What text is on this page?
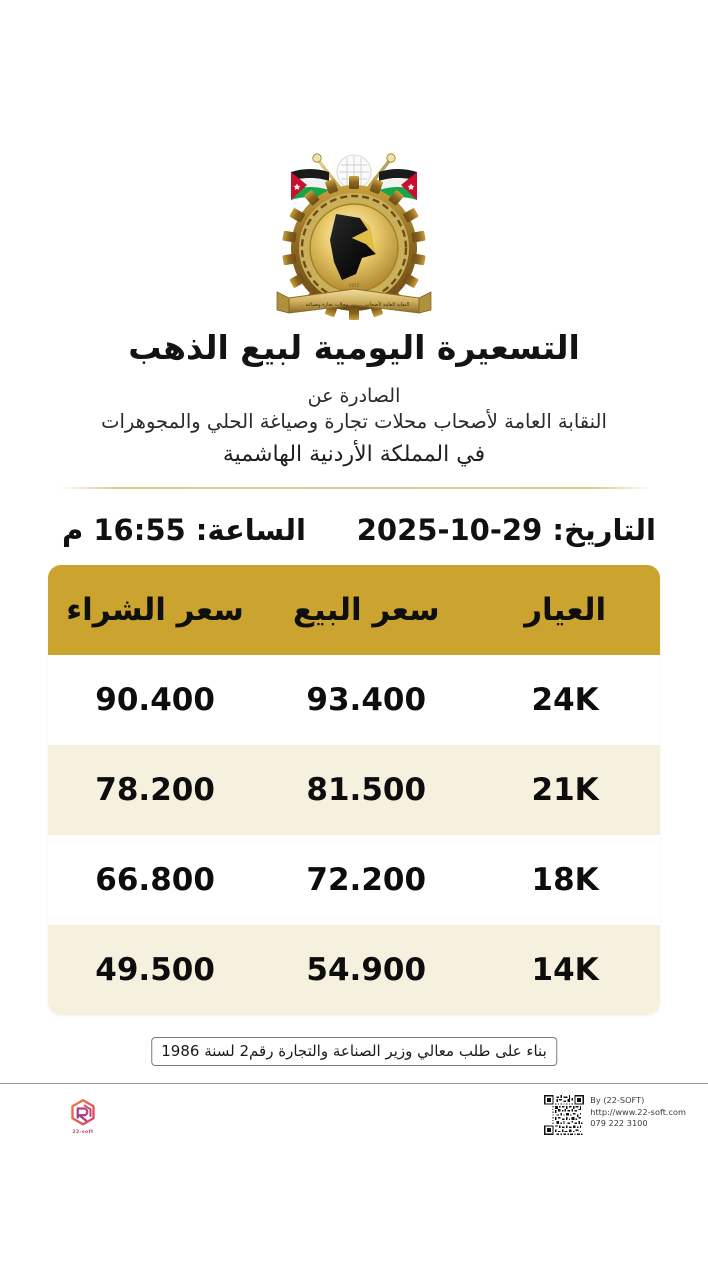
محلات تجارة وصياغة	النقابة العامة لأصحاب
1972
التسعيرة اليومية لبيع الذهب
الصادرة عن
النقابة العامة لأصحاب محلات تجارة وصياغة الحلي والمجوهرات
في المملكة الأردنية الهاشمية
التاريخ: 29-10-2025
الساعة: 16:55 م
العيار
سعر البيع
سعر الشراء
24K
93.400
90.400
21K
81.500
78.200
18K
72.200
66.800
14K
54.900
49.500
بناء على طلب معالي وزير الصناعة والتجارة رقم2 لسنة 1986
22-soft
By (22-SOFT)
http://www.22-soft.com
079 222 3100
